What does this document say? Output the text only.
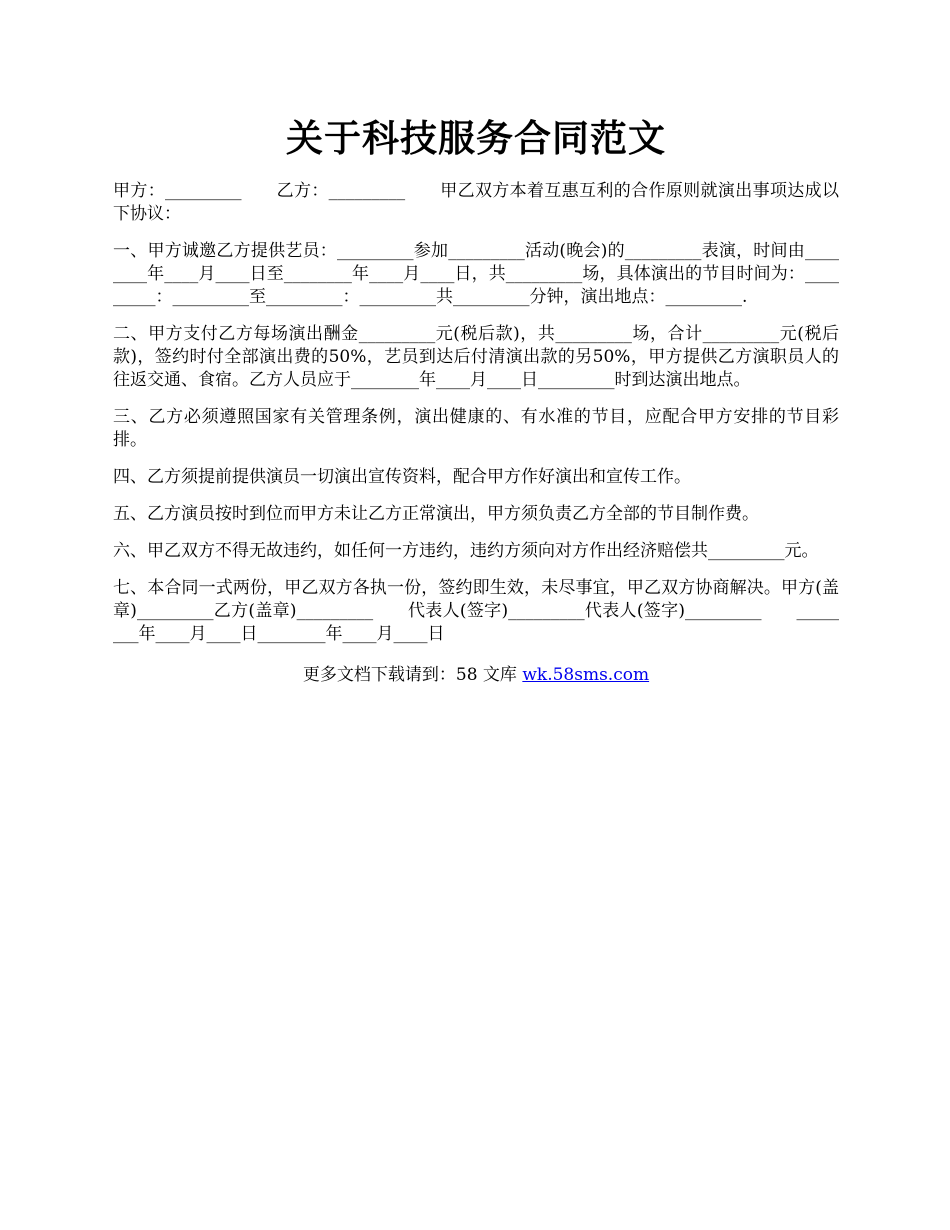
关于科技服务合同范文

甲方：_________　　乙方：_________　　甲乙双方本着互惠互利的合作原则就演出事项达成以下协议：

一、甲方诚邀乙方提供艺员：_________参加_________活动(晚会)的_________表演，时间由________年____月____日至________年____月____日，共_________场，具体演出的节目时间为：_________：_________至_________：_________共_________分钟，演出地点：_________.

二、甲方支付乙方每场演出酬金_________元(税后款)，共_________场，合计_________元(税后款)，签约时付全部演出费的50%，艺员到达后付清演出款的另50%，甲方提供乙方演职员人的往返交通、食宿。乙方人员应于________年____月____日_________时到达演出地点。

三、乙方必须遵照国家有关管理条例，演出健康的、有水准的节目，应配合甲方安排的节目彩排。

四、乙方须提前提供演员一切演出宣传资料，配合甲方作好演出和宣传工作。

五、乙方演员按时到位而甲方未让乙方正常演出，甲方须负责乙方全部的节目制作费。

六、甲乙双方不得无故违约，如任何一方违约，违约方须向对方作出经济赔偿共_________元。

七、本合同一式两份，甲乙双方各执一份，签约即生效，未尽事宜，甲乙双方协商解决。甲方(盖章)_________乙方(盖章)_________　　代表人(签字)_________代表人(签字)_________　　________年____月____日________年____月____日

更多文档下载请到：58 文库 wk.58sms.com
